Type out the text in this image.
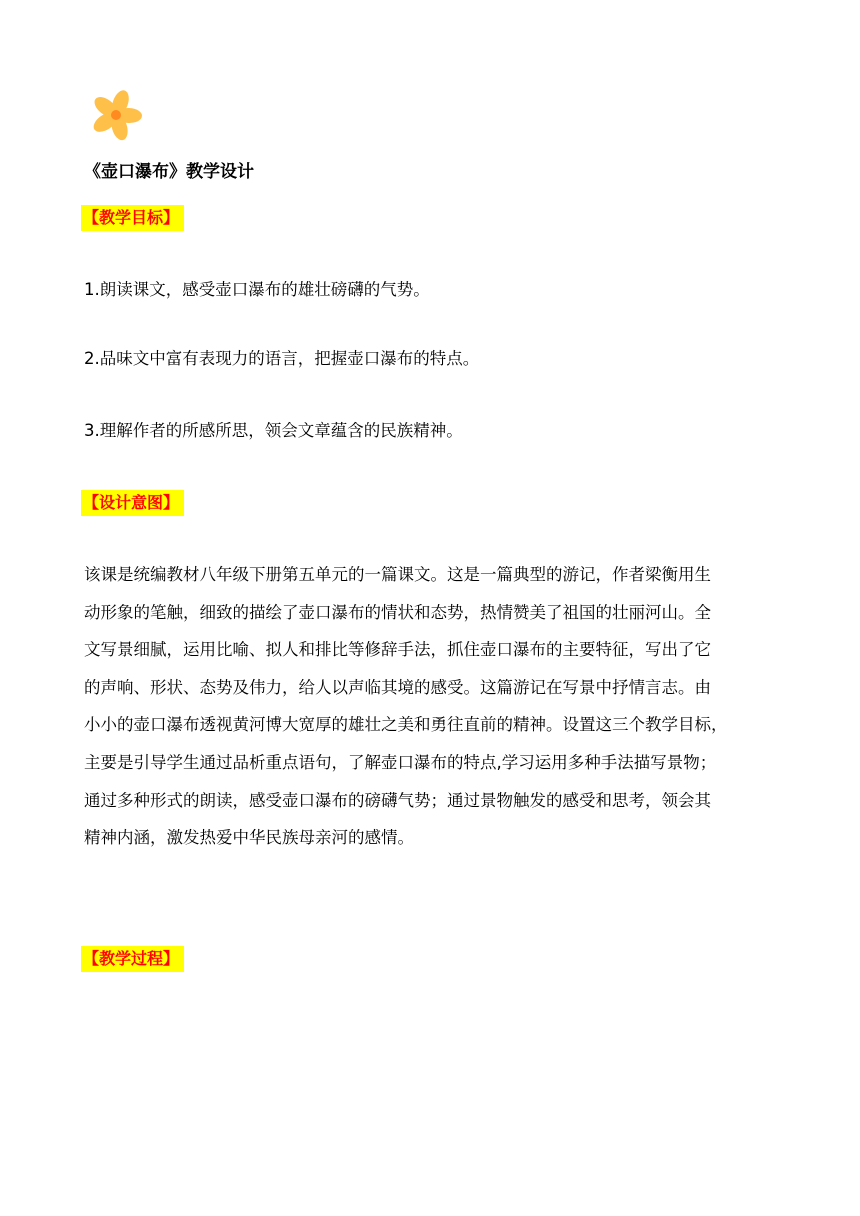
《壶口瀑布》教学设计
【教学目标】
1.朗读课文，感受壶口瀑布的雄壮磅礴的气势。
2.品味文中富有表现力的语言，把握壶口瀑布的特点。
3.理解作者的所感所思，领会文章蕴含的民族精神。
【设计意图】
该课是统编教材八年级下册第五单元的一篇课文。这是一篇典型的游记，作者梁衡用生
动形象的笔触，细致的描绘了壶口瀑布的情状和态势，热情赞美了祖国的壮丽河山。全
文写景细腻，运用比喻、拟人和排比等修辞手法，抓住壶口瀑布的主要特征，写出了它
的声响、形状、态势及伟力，给人以声临其境的感受。这篇游记在写景中抒情言志。由
小小的壶口瀑布透视黄河博大宽厚的雄壮之美和勇往直前的精神。设置这三个教学目标，
主要是引导学生通过品析重点语句，了解壶口瀑布的特点,学习运用多种手法描写景物；
通过多种形式的朗读，感受壶口瀑布的磅礴气势；通过景物触发的感受和思考，领会其
精神内涵，激发热爱中华民族母亲河的感情。
【教学过程】
